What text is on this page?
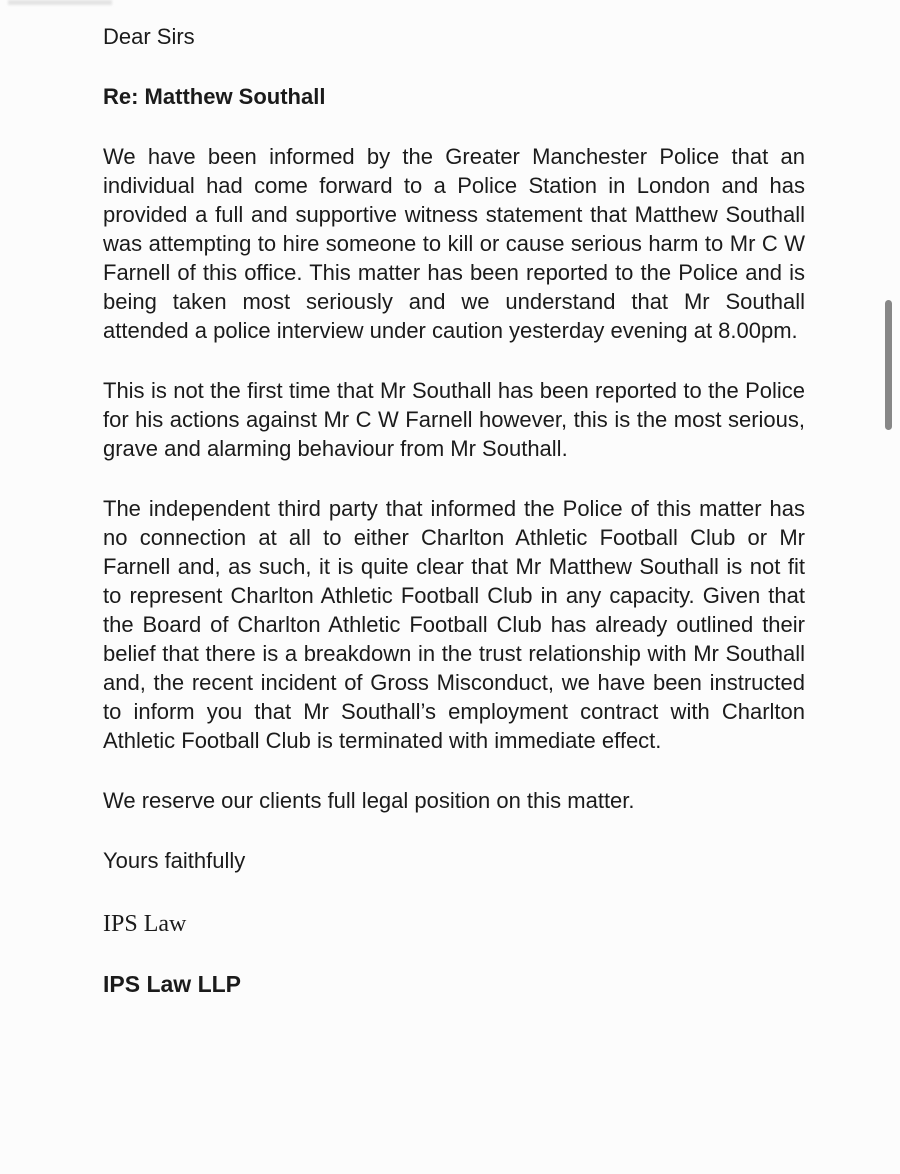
Dear Sirs
Re: Matthew Southall
We have been informed by the Greater Manchester Police that an individual had come forward to a Police Station in London and has provided a full and supportive witness statement that Matthew Southall was attempting to hire someone to kill or cause serious harm to Mr C W Farnell of this office. This matter has been reported to the Police and is being taken most seriously and we understand that Mr Southall attended a police interview under caution yesterday evening at 8.00pm.
This is not the first time that Mr Southall has been reported to the Police for his actions against Mr C W Farnell however, this is the most serious, grave and alarming behaviour from Mr Southall.
The independent third party that informed the Police of this matter has no connection at all to either Charlton Athletic Football Club or Mr Farnell and, as such, it is quite clear that Mr Matthew Southall is not fit to represent Charlton Athletic Football Club in any capacity. Given that the Board of Charlton Athletic Football Club has already outlined their belief that there is a breakdown in the trust relationship with Mr Southall and, the recent incident of Gross Misconduct, we have been instructed to inform you that Mr Southall’s employment contract with Charlton Athletic Football Club is terminated with immediate effect.
We reserve our clients full legal position on this matter.
Yours faithfully
IPS Law
IPS Law LLP
